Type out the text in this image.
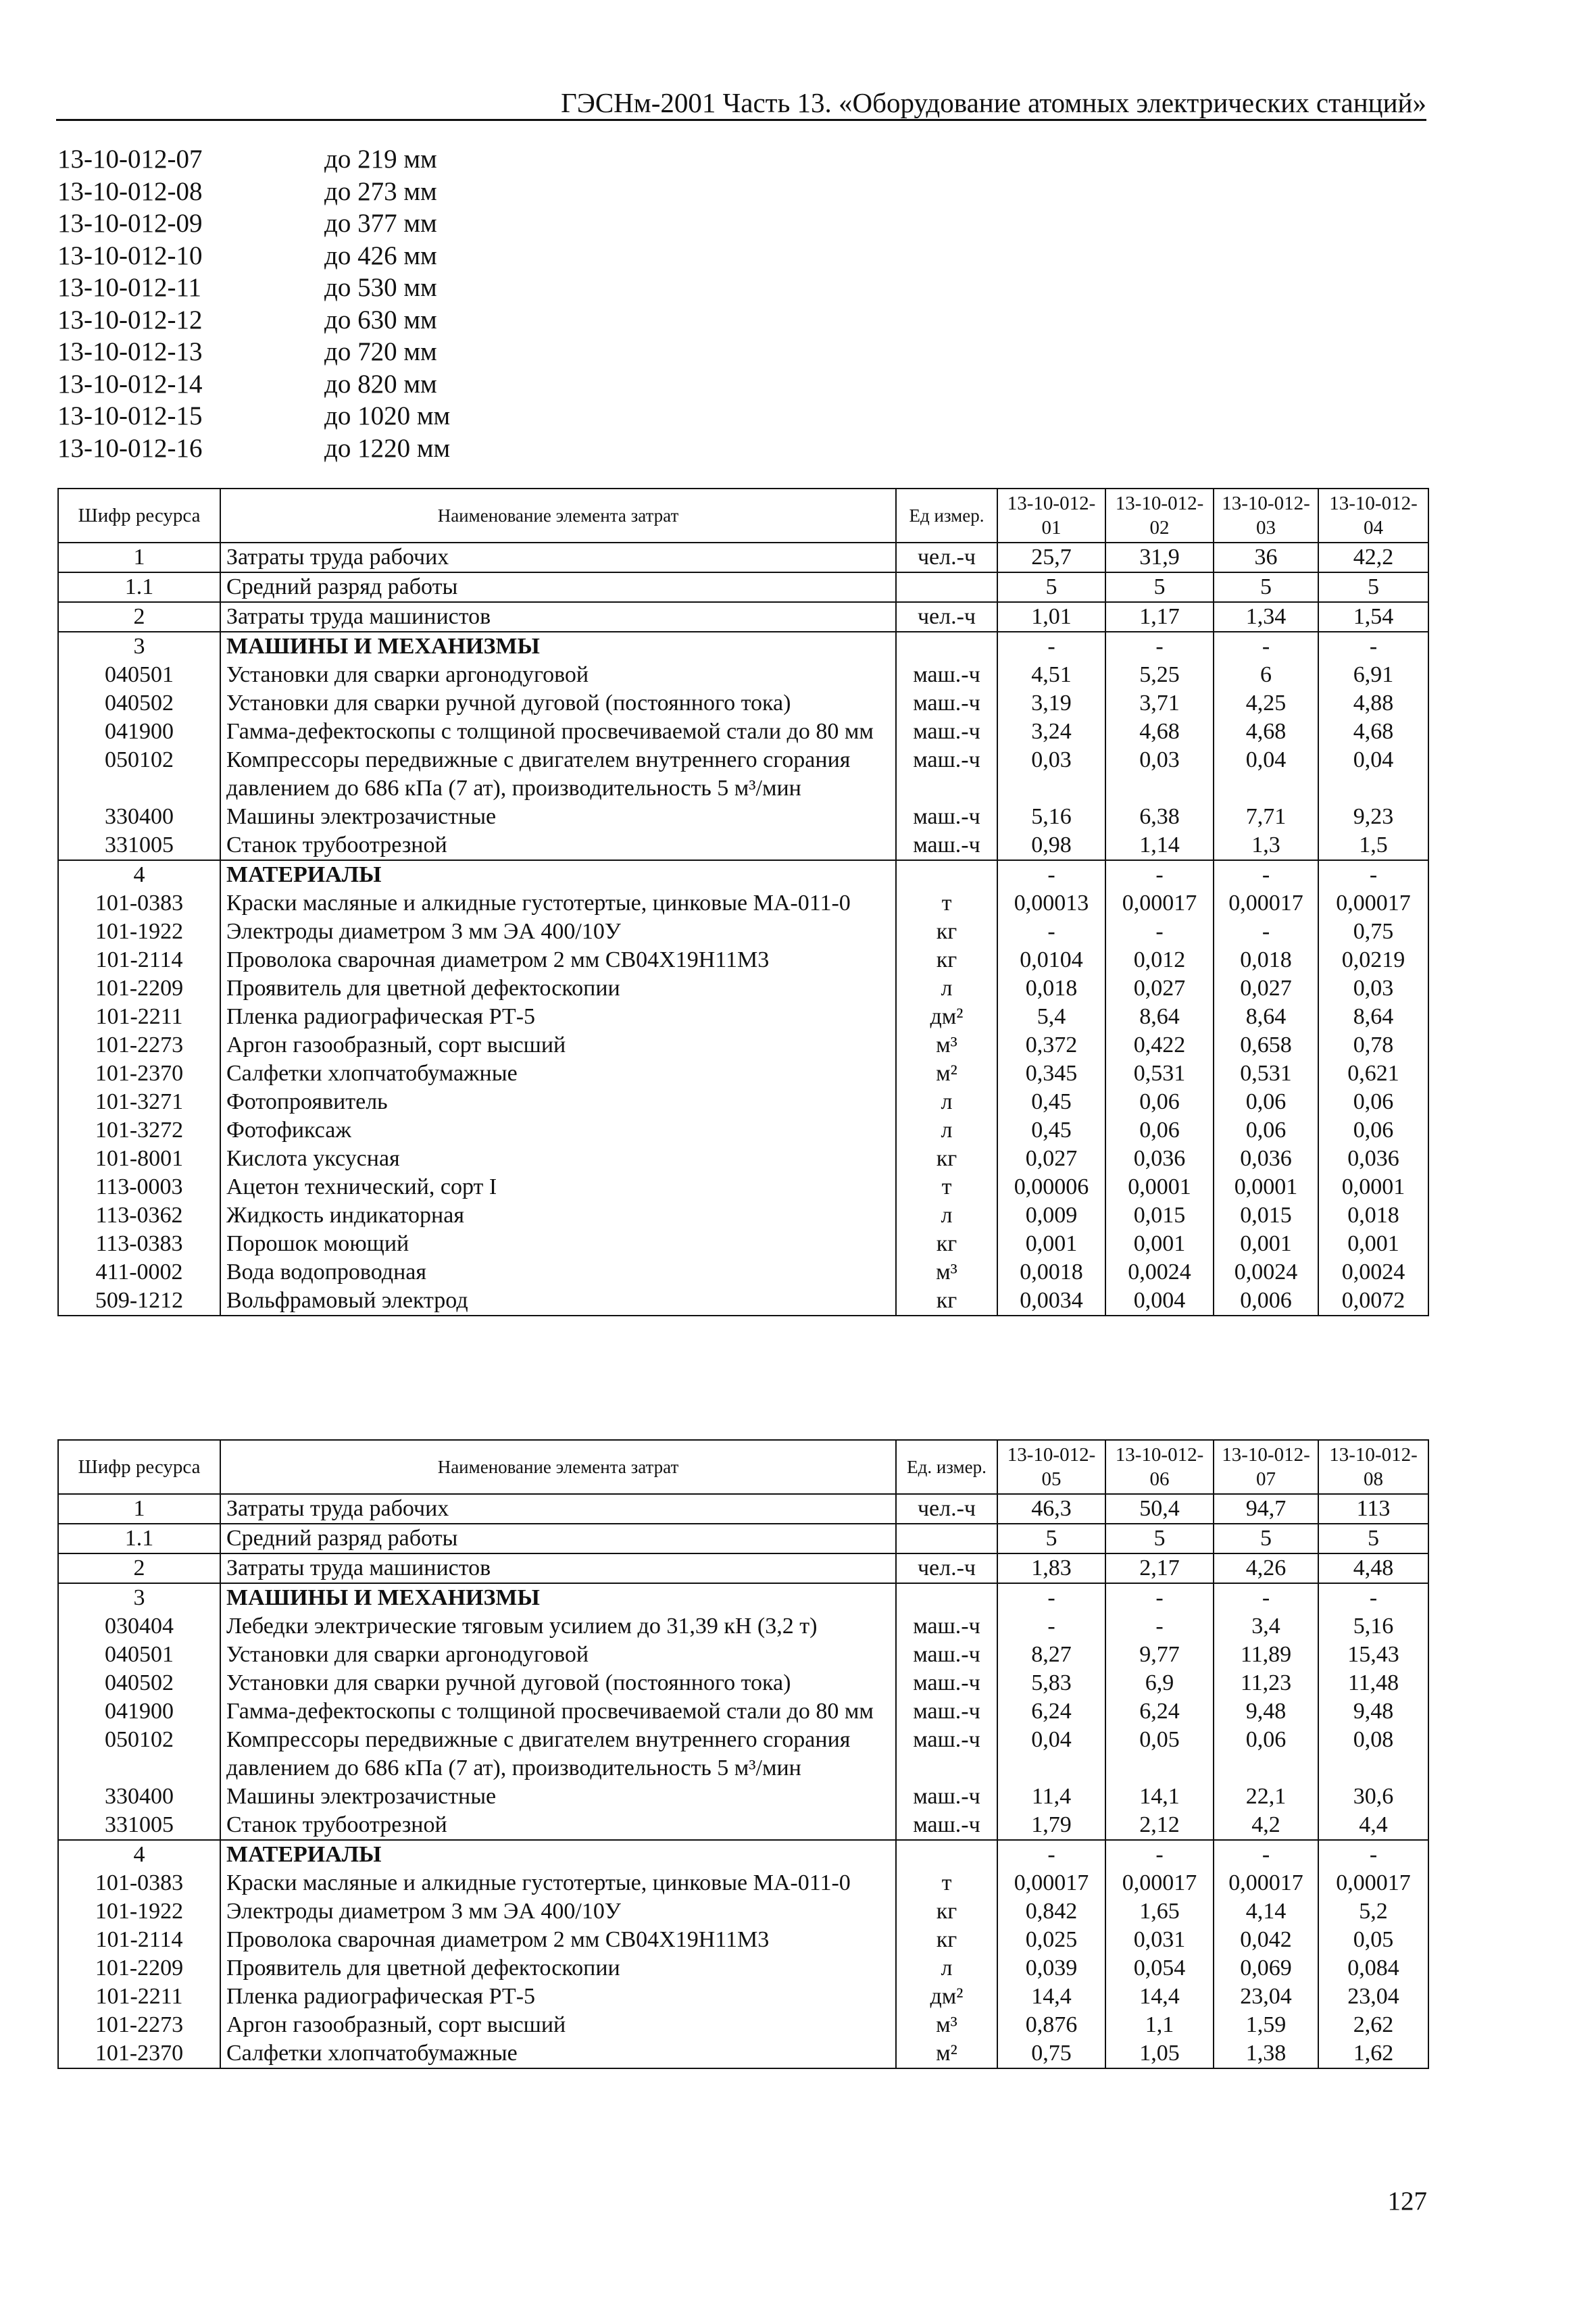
ГЭСНм-2001 Часть 13. «Оборудование атомных электрических станций»
13-10-012-07	до 219 мм
13-10-012-08	до 273 мм
13-10-012-09	до 377 мм
13-10-012-10	до 426 мм
13-10-012-11	до 530 мм
13-10-012-12	до 630 мм
13-10-012-13	до 720 мм
13-10-012-14	до 820 мм
13-10-012-15	до 1020 мм
13-10-012-16	до 1220 мм
Шифр ресурса	Наименование элемента затрат	Ед измер.	13-10-012-01	13-10-012-02	13-10-012-03	13-10-012-04
1	Затраты труда рабочих	чел.-ч	25,7	31,9	36	42,2
1.1	Средний разряд работы		5	5	5	5
2	Затраты труда машинистов	чел.-ч	1,01	1,17	1,34	1,54
3	МАШИНЫ И МЕХАНИЗМЫ		-	-	-	-
040501	Установки для сварки аргонодуговой	маш.-ч	4,51	5,25	6	6,91
040502	Установки для сварки ручной дуговой (постоянного тока)	маш.-ч	3,19	3,71	4,25	4,88
041900	Гамма-дефектоскопы с толщиной просвечиваемой стали до 80 мм	маш.-ч	3,24	4,68	4,68	4,68
050102	Компрессоры передвижные с двигателем внутреннего сгорания давлением до 686 кПа (7 ат), производительность 5 м³/мин	маш.-ч	0,03	0,03	0,04	0,04
330400	Машины электрозачистные	маш.-ч	5,16	6,38	7,71	9,23
331005	Станок трубоотрезной	маш.-ч	0,98	1,14	1,3	1,5
4	МАТЕРИАЛЫ		-	-	-	-
101-0383	Краски масляные и алкидные густотертые, цинковые МА-011-0	т	0,00013	0,00017	0,00017	0,00017
101-1922	Электроды диаметром 3 мм ЭА 400/10У	кг	-	-	-	0,75
101-2114	Проволока сварочная диаметром 2 мм СВ04Х19Н11М3	кг	0,0104	0,012	0,018	0,0219
101-2209	Проявитель для цветной дефектоскопии	л	0,018	0,027	0,027	0,03
101-2211	Пленка радиографическая РТ-5	дм²	5,4	8,64	8,64	8,64
101-2273	Аргон газообразный, сорт высший	м³	0,372	0,422	0,658	0,78
101-2370	Салфетки хлопчатобумажные	м²	0,345	0,531	0,531	0,621
101-3271	Фотопроявитель	л	0,45	0,06	0,06	0,06
101-3272	Фотофиксаж	л	0,45	0,06	0,06	0,06
101-8001	Кислота уксусная	кг	0,027	0,036	0,036	0,036
113-0003	Ацетон технический, сорт I	т	0,00006	0,0001	0,0001	0,0001
113-0362	Жидкость индикаторная	л	0,009	0,015	0,015	0,018
113-0383	Порошок моющий	кг	0,001	0,001	0,001	0,001
411-0002	Вода водопроводная	м³	0,0018	0,0024	0,0024	0,0024
509-1212	Вольфрамовый электрод	кг	0,0034	0,004	0,006	0,0072
Шифр ресурса	Наименование элемента затрат	Ед. измер.	13-10-012-05	13-10-012-06	13-10-012-07	13-10-012-08
1	Затраты труда рабочих	чел.-ч	46,3	50,4	94,7	113
1.1	Средний разряд работы		5	5	5	5
2	Затраты труда машинистов	чел.-ч	1,83	2,17	4,26	4,48
3	МАШИНЫ И МЕХАНИЗМЫ		-	-	-	-
030404	Лебедки электрические тяговым усилием до 31,39 кН (3,2 т)	маш.-ч	-	-	3,4	5,16
040501	Установки для сварки аргонодуговой	маш.-ч	8,27	9,77	11,89	15,43
040502	Установки для сварки ручной дуговой (постоянного тока)	маш.-ч	5,83	6,9	11,23	11,48
041900	Гамма-дефектоскопы с толщиной просвечиваемой стали до 80 мм	маш.-ч	6,24	6,24	9,48	9,48
050102	Компрессоры передвижные с двигателем внутреннего сгорания давлением до 686 кПа (7 ат), производительность 5 м³/мин	маш.-ч	0,04	0,05	0,06	0,08
330400	Машины электрозачистные	маш.-ч	11,4	14,1	22,1	30,6
331005	Станок трубоотрезной	маш.-ч	1,79	2,12	4,2	4,4
4	МАТЕРИАЛЫ		-	-	-	-
101-0383	Краски масляные и алкидные густотертые, цинковые МА-011-0	т	0,00017	0,00017	0,00017	0,00017
101-1922	Электроды диаметром 3 мм ЭА 400/10У	кг	0,842	1,65	4,14	5,2
101-2114	Проволока сварочная диаметром 2 мм СВ04Х19Н11М3	кг	0,025	0,031	0,042	0,05
101-2209	Проявитель для цветной дефектоскопии	л	0,039	0,054	0,069	0,084
101-2211	Пленка радиографическая РТ-5	дм²	14,4	14,4	23,04	23,04
101-2273	Аргон газообразный, сорт высший	м³	0,876	1,1	1,59	2,62
101-2370	Салфетки хлопчатобумажные	м²	0,75	1,05	1,38	1,62
127
